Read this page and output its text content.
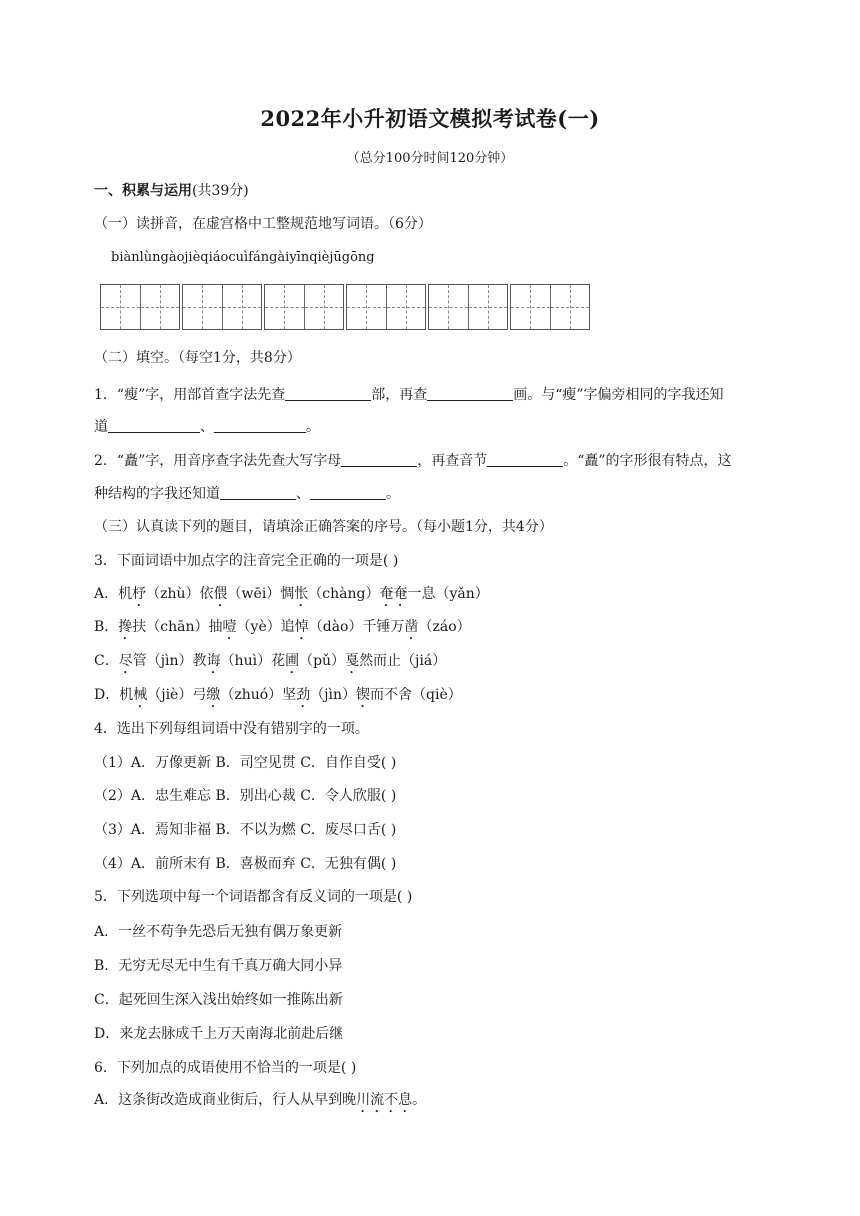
2022年小升初语文模拟考试卷(一)
（总分100分时间120分钟）
一、积累与运用(共39分)
（一）读拼音，在虚宫格中工整规范地写词语。（6分）
biànlùngàojièqiáocuìfángàiyīnqièjūgōng
（二）填空。（每空1分，共8分）
1．“瘦”字，用部首查字法先查	部，再查	画。与“瘦”字偏旁相同的字我还知
道	、	。
2．“矗”字，用音序查字法先查大写字母	，再查音节	。“矗”的字形很有特点，这
种结构的字我还知道	、	。
（三）认真读下列的题目，请填涂正确答案的序号。（每小题1分，共4分）
3．下面词语中加点字的注音完全正确的一项是( )
A．机杼（zhù）依偎（wēi）惆怅（chàng）奄奄一息（yǎn）
B．搀扶（chān）抽噎（yè）追悼（dào）千锤万凿（záo）
C．尽管（jìn）教诲（huì）花圃（pǔ）戛然而止（jiá）
D．机械（jiè）弓缴（zhuó）坚劲（jìn）锲而不舍（qiè）
4．选出下列每组词语中没有错别字的一项。
（1）A．万像更新 B．司空见贯 C．自作自受( )
（2）A．忠生难忘 B．别出心裁 C．令人欣服( )
（3）A．焉知非福 B．不以为燃 C．废尽口舌( )
（4）A．前所末有 B．喜极而弃 C．无独有偶( )
5．下列选项中每一个词语都含有反义词的一项是( )
A．一丝不苟争先恐后无独有偶万象更新
B．无穷无尽无中生有千真万确大同小异
C．起死回生深入浅出始终如一推陈出新
D．来龙去脉成千上万天南海北前赴后继
6．下列加点的成语使用不恰当的一项是( )
A．这条街改造成商业街后，行人从早到晚川流不息。
